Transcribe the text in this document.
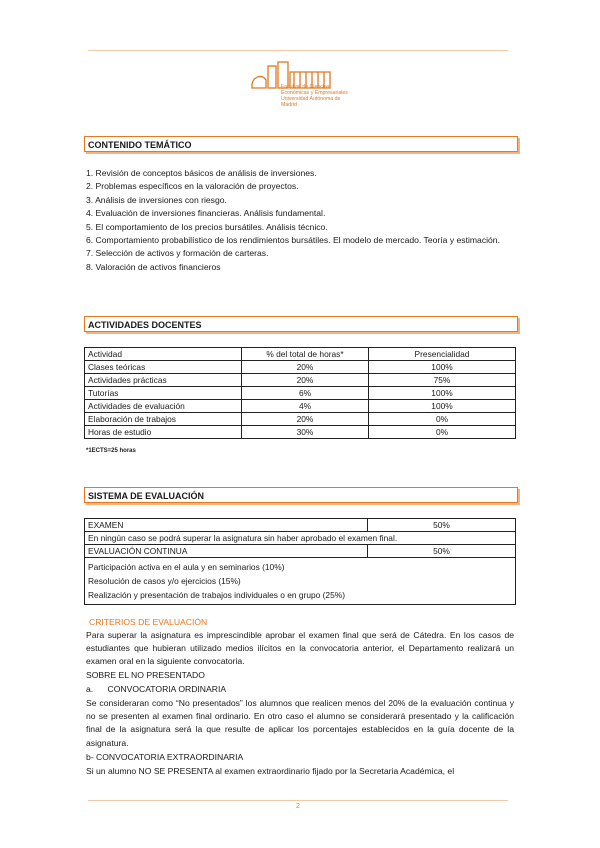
Facultad de Ciencias
Económicas y Empresariales
Universidad Autónoma de Madrid
CONTENIDO TEMÁTICO
1. Revisión de conceptos básicos de análisis de inversiones.
2. Problemas específicos en la valoración de proyectos.
3. Análisis de inversiones con riesgo.
4. Evaluación de inversiones financieras. Análisis fundamental.
5. El comportamiento de los precios bursátiles. Análisis técnico.
6. Comportamiento probabilístico de los rendimientos bursátiles. El modelo de mercado. Teoría y estimación.
7. Selección de activos y formación de carteras.
8. Valoración de activos financieros
ACTIVIDADES DOCENTES
Actividad	% del total de horas*	Presencialidad
Clases teóricas	20%	100%
Actividades prácticas	20%	75%
Tutorías	6%	100%
Actividades de evaluación	4%	100%
Elaboración de trabajos	20%	0%
Horas de estudio	30%	0%
*1ECTS=25 horas
SISTEMA DE EVALUACIÓN
EXAMEN	50%
En ningún caso se podrá superar la asignatura sin haber aprobado el examen final.	
EVALUACIÓN CONTINUA	50%

Participación activa en el aula y en seminarios (10%)
Resolución de casos y/o ejercicios (15%)
Realización y presentación de trabajos individuales o en grupo (25%)	
CRITERIOS DE EVALUACIÓN
Para superar la asignatura es imprescindible aprobar el examen final que será de Cátedra. En los casos de estudiantes que hubieran utilizado medios ilícitos en la convocatoria anterior, el Departamento realizará un examen oral en la siguiente convocatoria.
SOBRE EL NO PRESENTADO
a.      CONVOCATORIA ORDINARIA
Se consideraran como “No presentados” los alumnos que realicen menos del 20% de la evaluación continua y no se presenten al examen final ordinario. En otro caso el alumno se considerará presentado y la calificación final de la asignatura será la que resulte de aplicar los porcentajes establecidos en la guía docente de la asignatura.
b- CONVOCATORIA EXTRAORDINARIA
Si un alumno NO SE PRESENTA al examen extraordinario fijado por la Secretaria Académica, el
2
